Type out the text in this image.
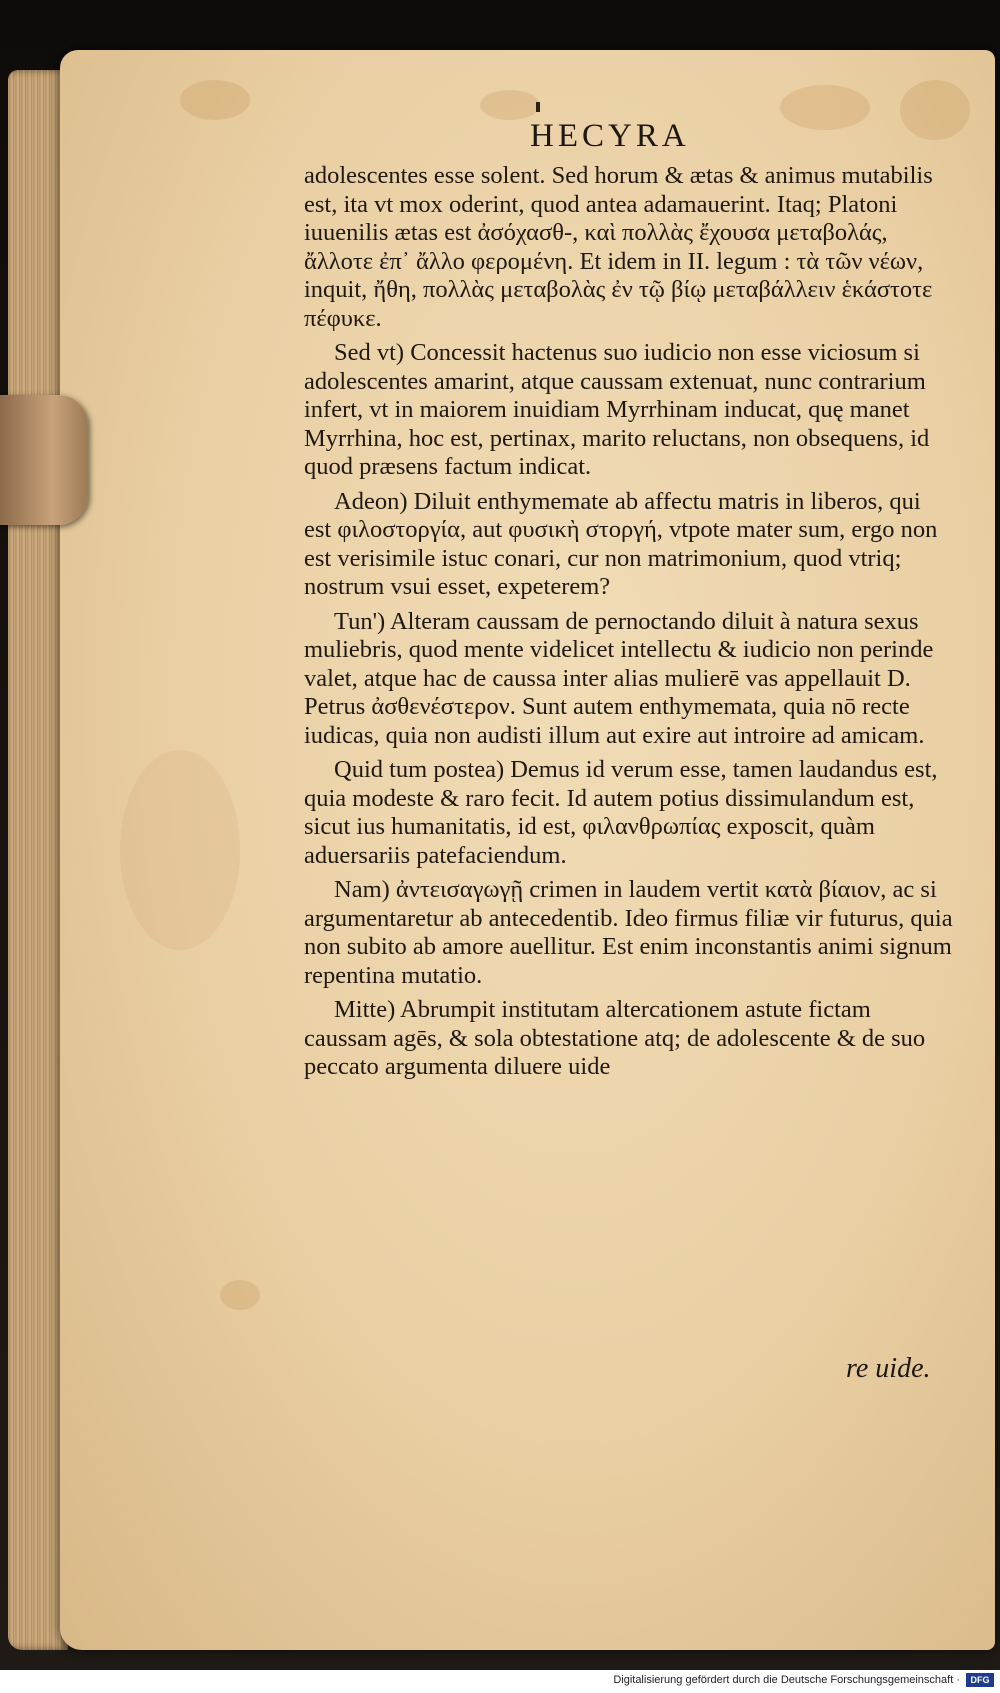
HECYRA

adolescentes esse solent. Sed horum & ætas & animus mutabilis est, ita vt mox oderint, quod antea adamauerint. Itaq; Platoni iuuenilis ætas est ἀσόχασθ-, καὶ πολλὰς ἔχουσα μεταβολάς, ἄλλοτε ἐπ᾽ ἄλλο φερομένη. Et idem in II. legum : τὰ τῶν νέων, inquit, ἤθη, πολλὰς μεταβολὰς ἐν τῷ βίῳ μεταβάλλειν ἑκάστοτε πέφυκε.

Sed vt) Concessit hactenus suo iudicio non esse viciosum si adolescentes amarint, atque caussam extenuat, nunc contrarium infert, vt in maiorem inuidiam Myrrhinam inducat, quę manet Myrrhina, hoc est, pertinax, marito reluctans, non obsequens, id quod præsens factum indicat.

Adeon) Diluit enthymemate ab affectu matris in liberos, qui est φιλοστοργία, aut φυσικὴ στοργή, vtpote mater sum, ergo non est verisimile istuc conari, cur non matrimonium, quod vtriq; nostrum vsui esset, expeterem?

Tun') Alteram caussam de pernoctando diluit à natura sexus muliebris, quod mente videlicet intellectu & iudicio non perinde valet, atque hac de caussa inter alias mulierē vas appellauit D. Petrus ἀσθενέστερον. Sunt autem enthymemata, quia nō recte iudicas, quia non audisti illum aut exire aut introire ad amicam.

Quid tum postea) Demus id verum esse, tamen laudandus est, quia modeste & raro fecit. Id autem potius dissimulandum est, sicut ius humanitatis, id est, φιλανθρωπίας exposcit, quàm aduersariis patefaciendum.

Nam) ἀντεισαγωγῇ crimen in laudem vertit κατὰ βίαιον, ac si argumentaretur ab antecedentib. Ideo firmus filiæ vir futurus, quia non subito ab amore auellitur. Est enim inconstantis animi signum repentina mutatio.

Mitte) Abrumpit institutam altercationem astute fictam caussam agēs, & sola obtestatione atq; de adolescente & de suo peccato argumenta diluere uide

re uide.
Digitalisierung gefördert durch die Deutsche Forschungsgemeinschaft ·	DFG
